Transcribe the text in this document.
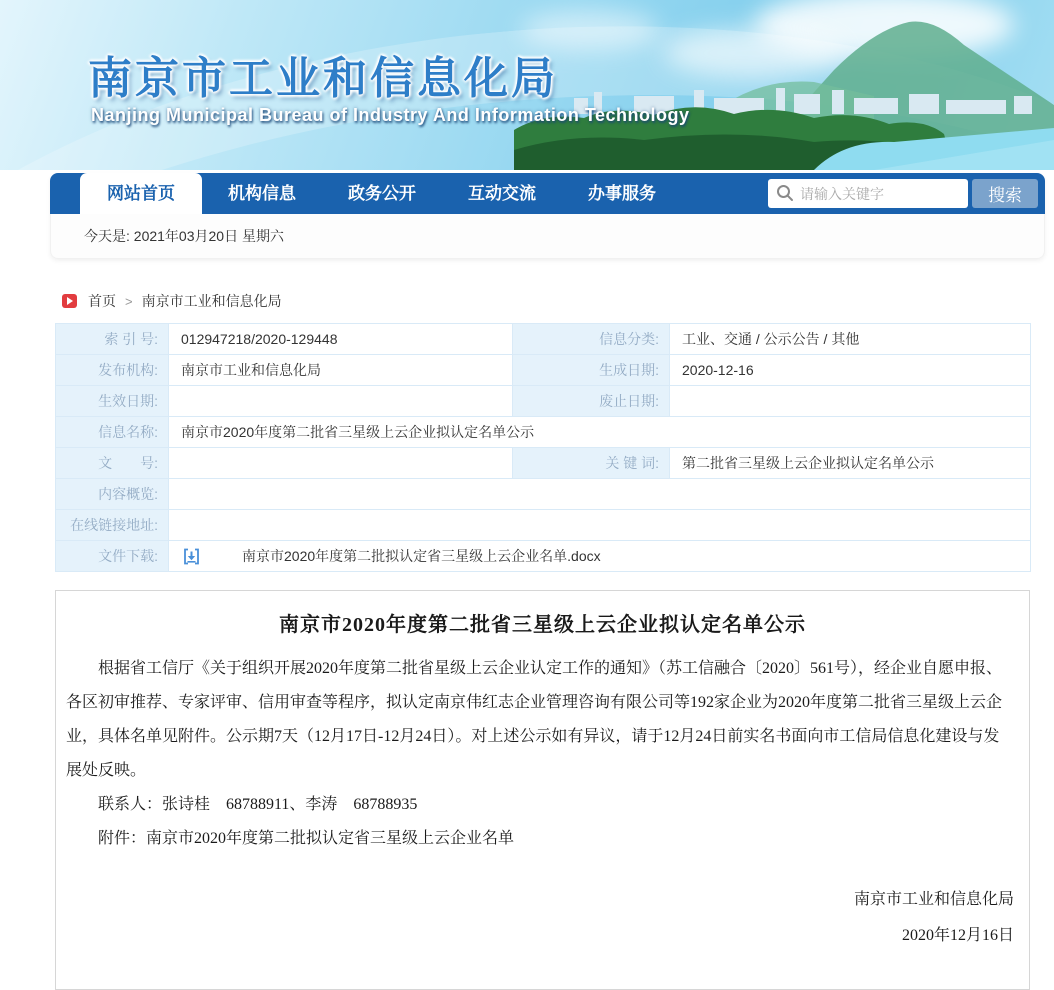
南京市工业和信息化局
Nanjing Municipal Bureau of Industry And Information Technology
网站首页	机构信息	政务公开	互动交流	办事服务
请输入关键字	搜索
今天是: 2021年03月20日 星期六
首页 > 南京市工业和信息化局
索 引 号:	012947218/2020-129448	信息分类:	工业、交通 / 公示公告 / 其他
发布机构:	南京市工业和信息化局	生成日期:	2020-12-16
生效日期:		废止日期:	
信息名称:	南京市2020年度第二批省三星级上云企业拟认定名单公示		
文　　号:		关 键 词:	第二批省三星级上云企业拟认定名单公示
内容概览:			
在线链接地址:			
文件下载:	南京市2020年度第二批拟认定省三星级上云企业名单.docx		
南京市2020年度第二批省三星级上云企业拟认定名单公示

根据省工信厅《关于组织开展2020年度第二批省星级上云企业认定工作的通知》（苏工信融合〔2020〕561号），经企业自愿申报、各区初审推荐、专家评审、信用审查等程序，拟认定南京伟红志企业管理咨询有限公司等192家企业为2020年度第二批省三星级上云企业，具体名单见附件。公示期7天（12月17日-12月24日）。对上述公示如有异议，请于12月24日前实名书面向市工信局信息化建设与发展处反映。

联系人：张诗桂　68788911、李涛　68788935

附件：南京市2020年度第二批拟认定省三星级上云企业名单

南京市工业和信息化局
2020年12月16日
